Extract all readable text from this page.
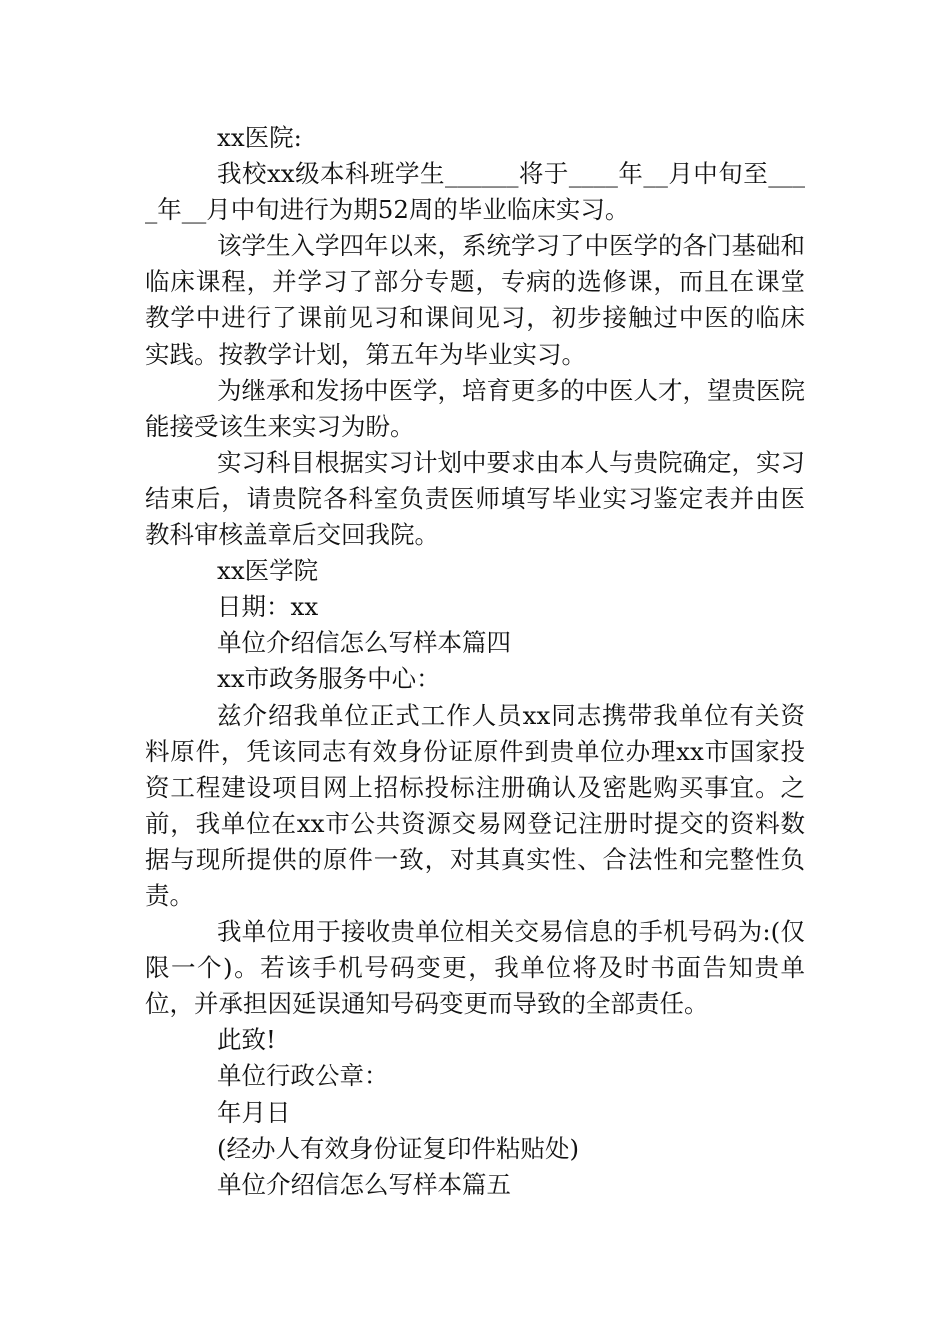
xx医院:

我校xx级本科班学生______将于____年__月中旬至____年__月中旬进行为期52周的毕业临床实习。

该学生入学四年以来，系统学习了中医学的各门基础和临床课程，并学习了部分专题，专病的选修课，而且在课堂教学中进行了课前见习和课间见习，初步接触过中医的临床实践。按教学计划，第五年为毕业实习。

为继承和发扬中医学，培育更多的中医人才，望贵医院能接受该生来实习为盼。

实习科目根据实习计划中要求由本人与贵院确定，实习结束后，请贵院各科室负责医师填写毕业实习鉴定表并由医教科审核盖章后交回我院。

xx医学院

日期：xx

单位介绍信怎么写样本篇四

xx市政务服务中心：

兹介绍我单位正式工作人员xx同志携带我单位有关资料原件，凭该同志有效身份证原件到贵单位办理xx市国家投资工程建设项目网上招标投标注册确认及密匙购买事宜。之前，我单位在xx市公共资源交易网登记注册时提交的资料数据与现所提供的原件一致，对其真实性、合法性和完整性负责。

我单位用于接收贵单位相关交易信息的手机号码为:(仅限一个)。若该手机号码变更，我单位将及时书面告知贵单位，并承担因延误通知号码变更而导致的全部责任。

此致!

单位行政公章：

年月日

(经办人有效身份证复印件粘贴处)

单位介绍信怎么写样本篇五
